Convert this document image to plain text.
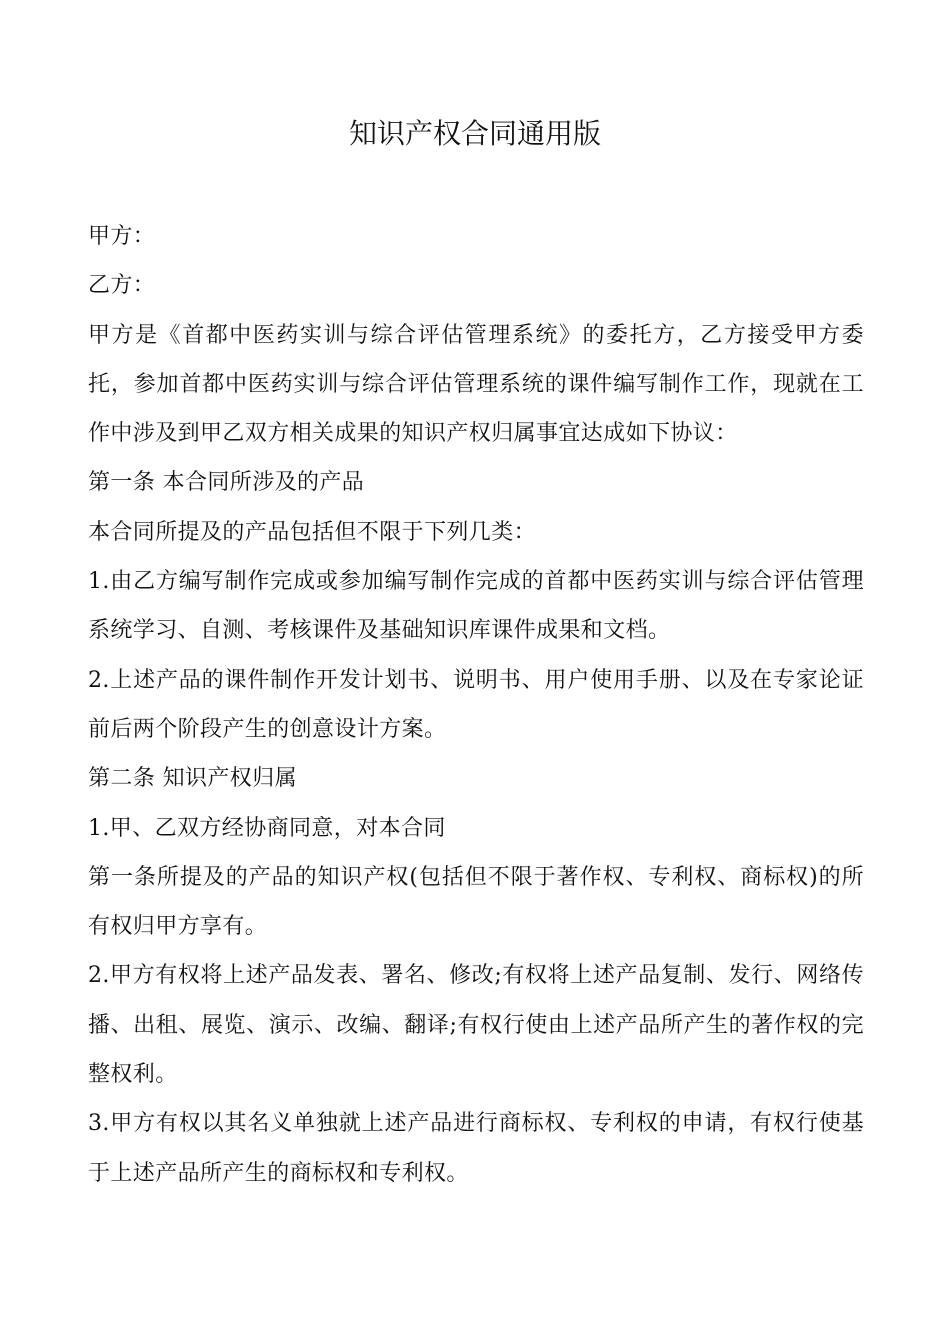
知识产权合同通用版

甲方：

乙方：

甲方是《首都中医药实训与综合评估管理系统》的委托方，乙方接受甲方委托，参加首都中医药实训与综合评估管理系统的课件编写制作工作，现就在工作中涉及到甲乙双方相关成果的知识产权归属事宜达成如下协议：

第一条 本合同所涉及的产品

本合同所提及的产品包括但不限于下列几类：

1.由乙方编写制作完成或参加编写制作完成的首都中医药实训与综合评估管理系统学习、自测、考核课件及基础知识库课件成果和文档。

2.上述产品的课件制作开发计划书、说明书、用户使用手册、以及在专家论证前后两个阶段产生的创意设计方案。

第二条 知识产权归属

1.甲、乙双方经协商同意，对本合同

第一条所提及的产品的知识产权(包括但不限于著作权、专利权、商标权)的所有权归甲方享有。

2.甲方有权将上述产品发表、署名、修改;有权将上述产品复制、发行、网络传播、出租、展览、演示、改编、翻译;有权行使由上述产品所产生的著作权的完整权利。

3.甲方有权以其名义单独就上述产品进行商标权、专利权的申请，有权行使基于上述产品所产生的商标权和专利权。
